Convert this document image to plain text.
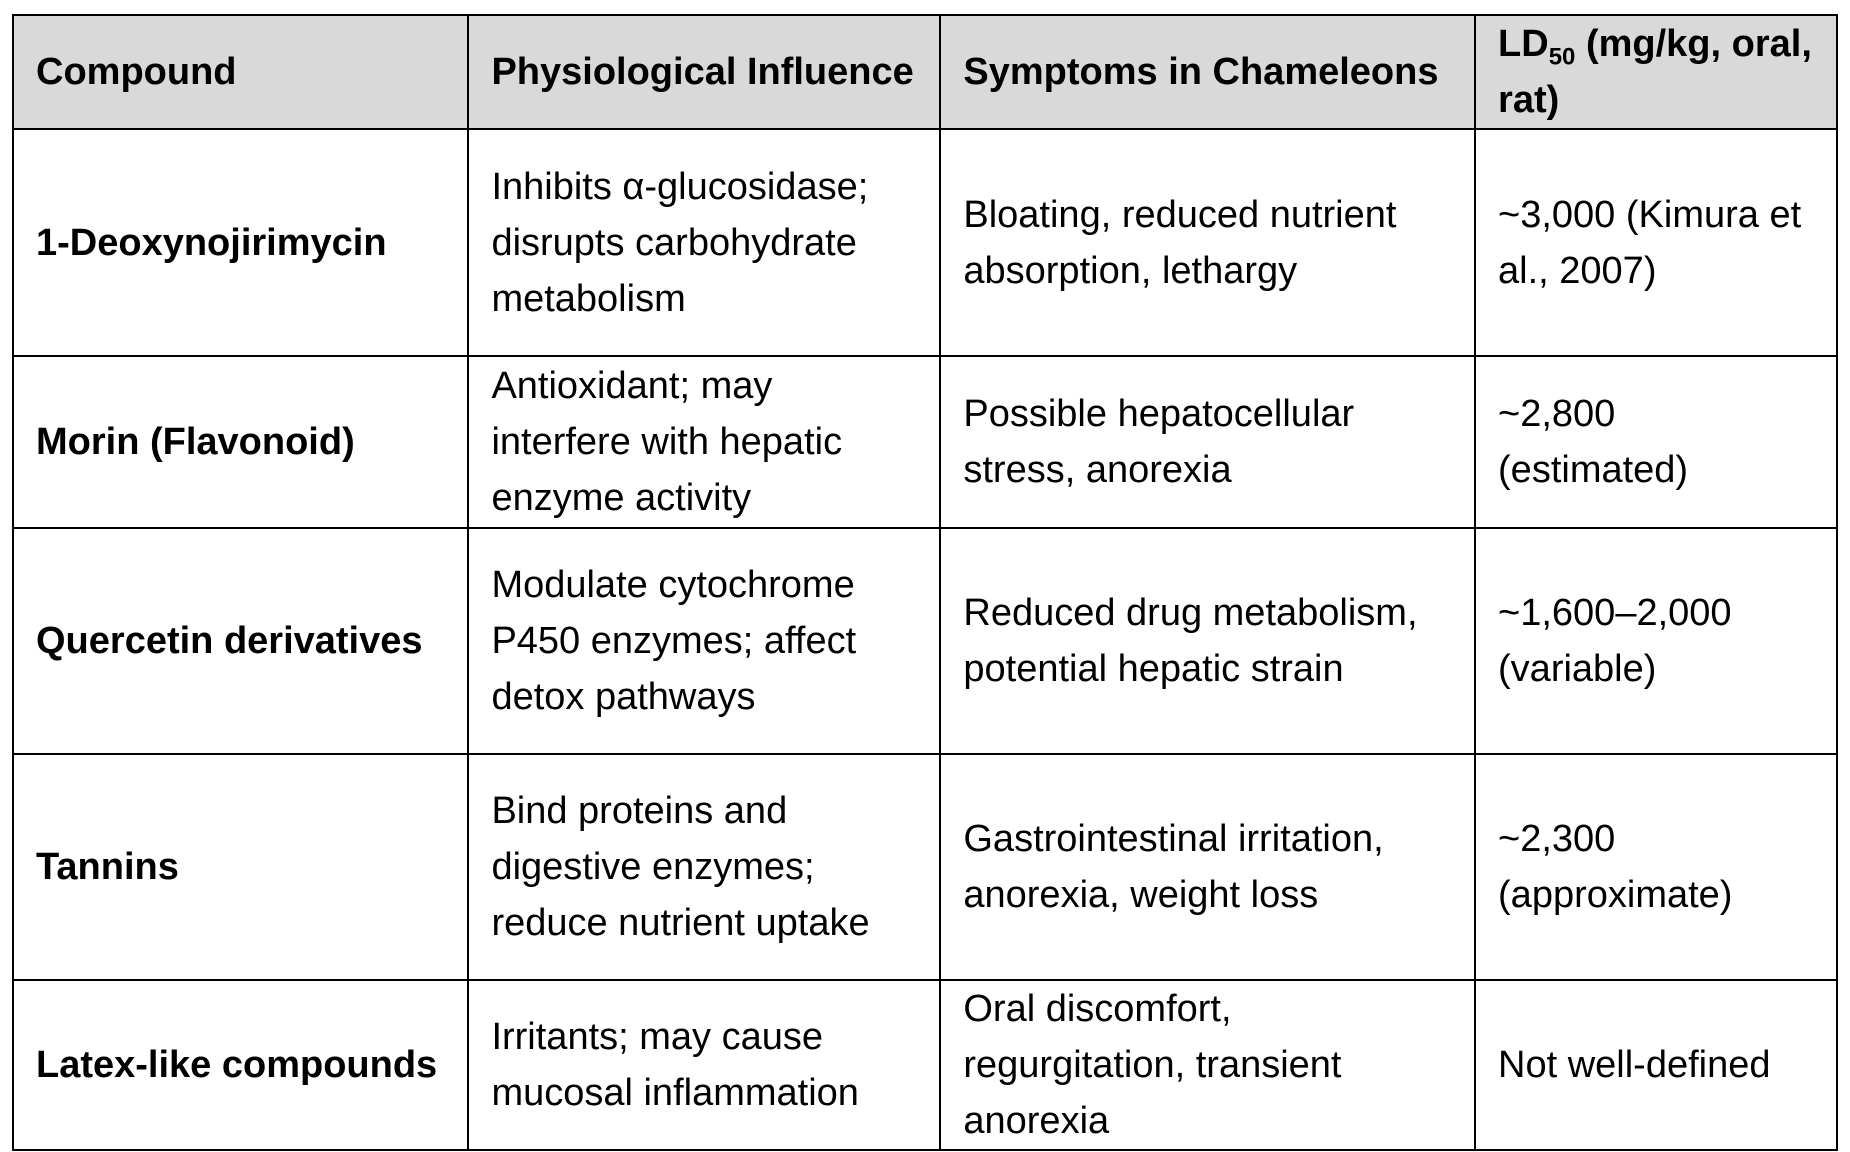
Compound	Physiological Influence	Symptoms in Chameleons	$LD_{50}$ (mg/kg, oral, rat)
1-Deoxynojirimycin	Inhibits α-glucosidase; disrupts carbohydrate metabolism	Bloating, reduced nutrient absorption, lethargy	~3,000 (Kimura et al., 2007)
Morin (Flavonoid)	Antioxidant; may interfere with hepatic enzyme activity	Possible hepatocellular stress, anorexia	~2,800 (estimated)
Quercetin derivatives	Modulate cytochrome P450 enzymes; affect detox pathways	Reduced drug metabolism, potential hepatic strain	~1,600–2,000 (variable)
Tannins	Bind proteins and digestive enzymes; reduce nutrient uptake	Gastrointestinal irritation, anorexia, weight loss	~2,300 (approximate)
Latex-like compounds	Irritants; may cause mucosal inflammation	Oral discomfort, regurgitation, transient anorexia	Not well-defined
